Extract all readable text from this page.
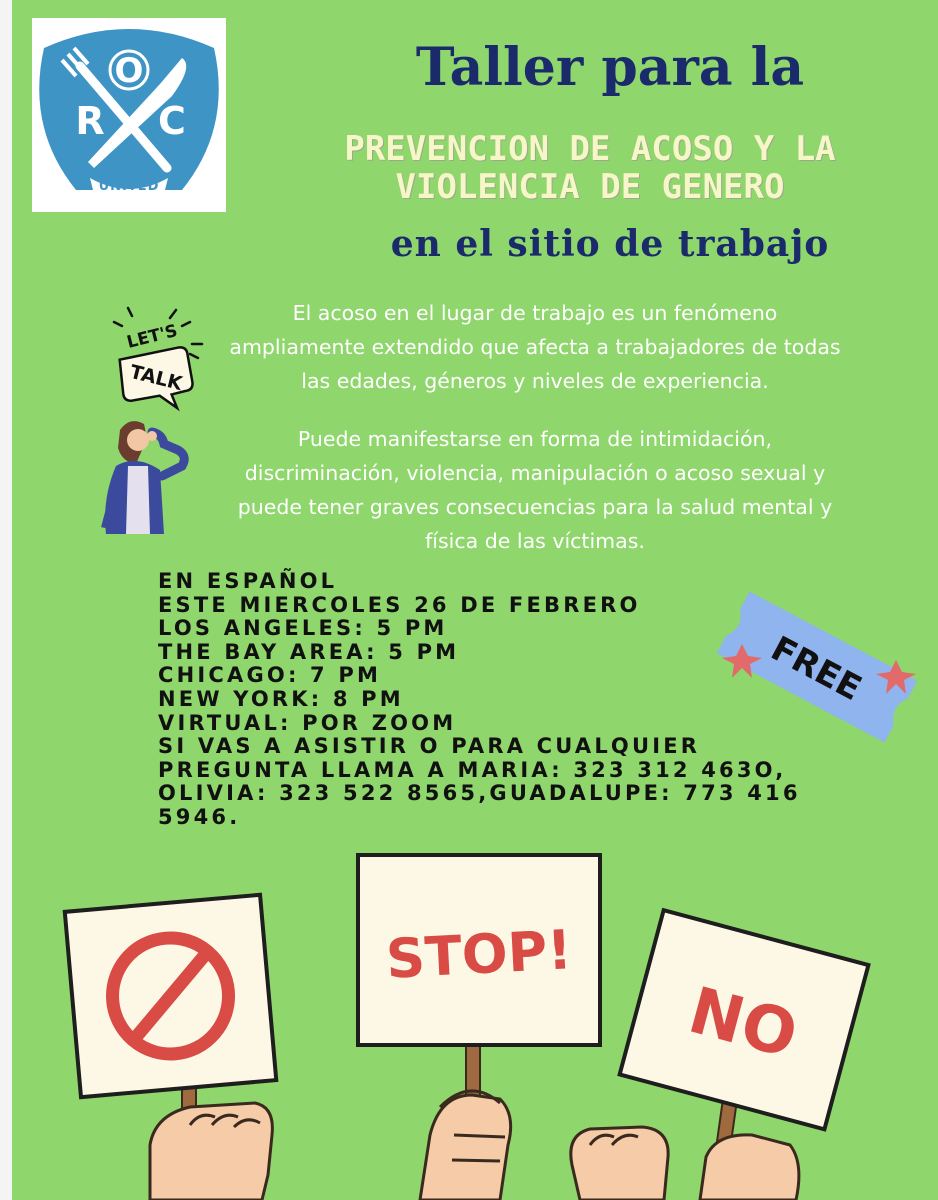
O
R C
UNITED
Taller para la
PREVENCION DE ACOSO Y LA
VIOLENCIA DE GENERO
en el sitio de trabajo
LET'S
TALK
El acoso en el lugar de trabajo es un fenómeno ampliamente extendido que afecta a trabajadores de todas las edades, géneros y niveles de experiencia.
Puede manifestarse en forma de intimidación, discriminación, violencia, manipulación o acoso sexual y puede tener graves consecuencias para la salud mental y física de las víctimas.
EN ESPAÑOL
ESTE MIERCOLES 26 DE FEBRERO
LOS ANGELES: 5 PM
THE BAY AREA: 5 PM
CHICAGO: 7 PM
NEW YORK: 8 PM
VIRTUAL: POR ZOOM
SI VAS A ASISTIR O PARA CUALQUIER
PREGUNTA LLAMA A MARIA: 323 312 463O,
OLIVIA: 323 522 8565,GUADALUPE: 773 416
5946.
FREE
STOP!
NO
